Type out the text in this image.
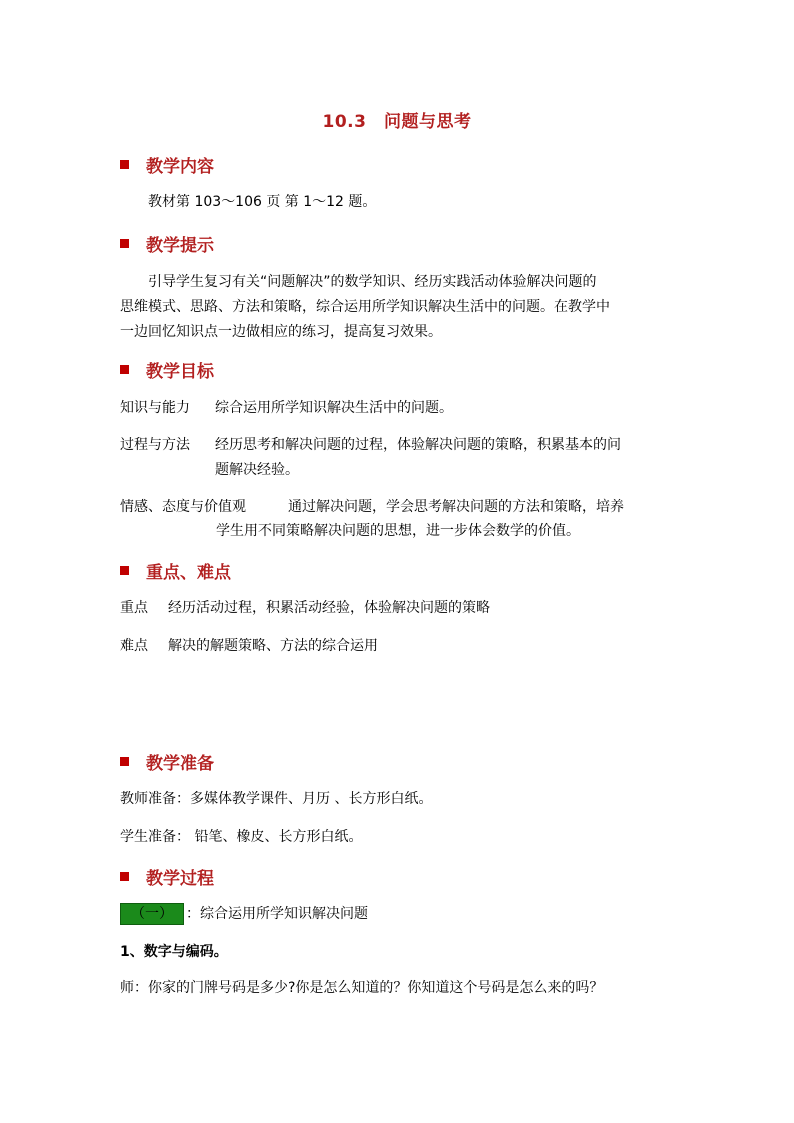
10.3　问题与思考
教学内容
教材第 103～106 页 第 1～12 题。
教学提示
引导学生复习有关“问题解决”的数学知识、经历实践活动体验解决问题的
思维模式、思路、方法和策略，综合运用所学知识解决生活中的问题。在教学中
一边回忆知识点一边做相应的练习，提高复习效果。
教学目标
知识与能力 综合运用所学知识解决生活中的问题。
过程与方法 经历思考和解决问题的过程，体验解决问题的策略，积累基本的问
题解决经验。
情感、态度与价值观	通过解决问题，学会思考解决问题的方法和策略，培养
学生用不同策略解决问题的思想，进一步体会数学的价值。
重点、难点
重点 经历活动过程，积累活动经验，体验解决问题的策略
难点 解决的解题策略、方法的综合运用
教学准备
教师准备：多媒体教学课件、月历 、长方形白纸。
学生准备： 铅笔、橡皮、长方形白纸。
教学过程
（一） ：综合运用所学知识解决问题
1、数字与编码。
师：你家的门牌号码是多少?你是怎么知道的？你知道这个号码是怎么来的吗？
